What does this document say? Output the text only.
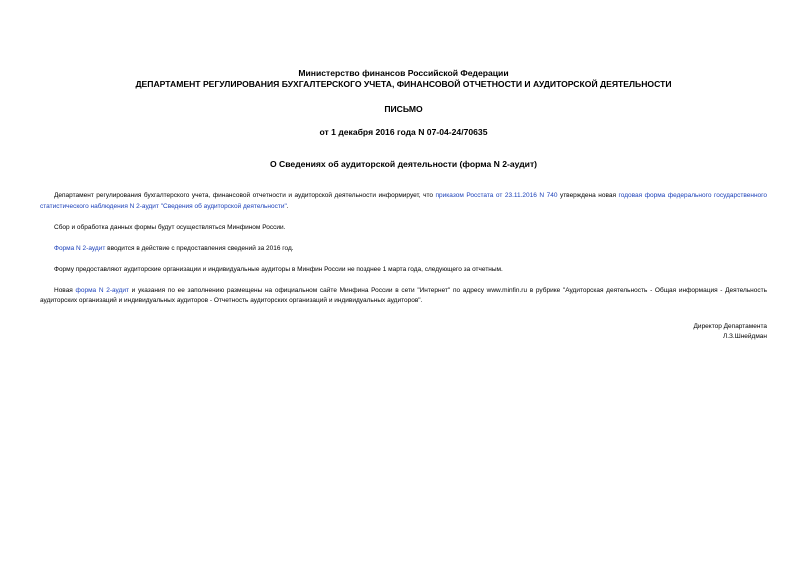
Министерство финансов Российской Федерации
ДЕПАРТАМЕНТ РЕГУЛИРОВАНИЯ БУХГАЛТЕРСКОГО УЧЕТА, ФИНАНСОВОЙ ОТЧЕТНОСТИ И АУДИТОРСКОЙ ДЕЯТЕЛЬНОСТИ
ПИСЬМО
от 1 декабря 2016 года N 07-04-24/70635
О Сведениях об аудиторской деятельности (форма N 2-аудит)

Департамент регулирования бухгалтерского учета, финансовой отчетности и аудиторской деятельности информирует, что приказом Росстата от 23.11.2016 N 740 утверждена новая годовая форма федерального государственного статистического наблюдения N 2-аудит "Сведения об аудиторской деятельности".

Сбор и обработка данных формы будут осуществляться Минфином России.

Форма N 2-аудит вводится в действие с предоставления сведений за 2016 год.

Форму предоставляют аудиторские организации и индивидуальные аудиторы в Минфин России не позднее 1 марта года, следующего за отчетным.

Новая форма N 2-аудит и указания по ее заполнению размещены на официальном сайте Минфина России в сети "Интернет" по адресу www.minfin.ru в рубрике "Аудиторская деятельность - Общая информация - Деятельность аудиторских организаций и индивидуальных аудиторов - Отчетность аудиторских организаций и индивидуальных аудиторов".

Директор Департамента
Л.З.Шнейдман
